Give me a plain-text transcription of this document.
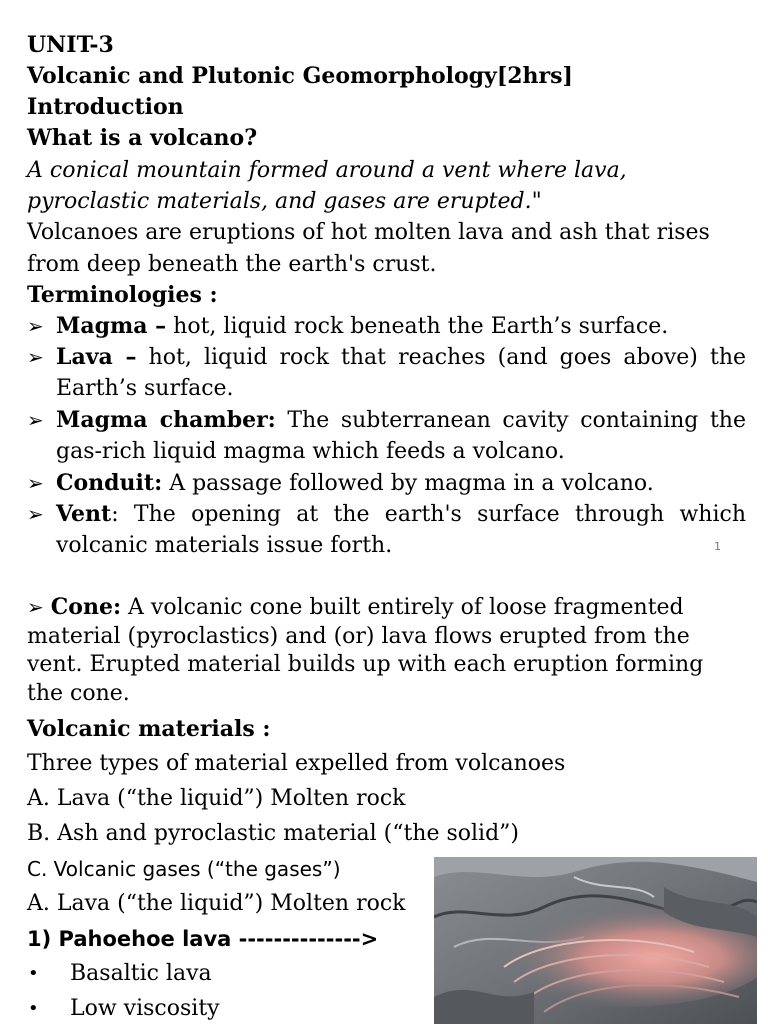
UNIT-3
Volcanic and Plutonic Geomorphology[2hrs]
Introduction
What is a volcano?
A conical mountain formed around a vent where lava,
pyroclastic materials, and gases are erupted."
Volcanoes are eruptions of hot molten lava and ash that rises
from deep beneath the earth's crust.
Terminologies :
➢ Magma – hot, liquid rock beneath the Earth’s surface.
➢ Lava – hot, liquid rock that reaches (and goes above) the
Earth’s surface.
➢ Magma chamber: The subterranean cavity containing the
gas-rich liquid magma which feeds a volcano.
➢ Conduit: A passage followed by magma in a volcano.
➢ Vent: The opening at the earth's surface through which
volcanic materials issue forth.	1
➢ Cone: A volcanic cone built entirely of loose fragmented material (pyroclastics) and (or) lava flows erupted from the vent. Erupted material builds up with each eruption forming the cone.
Volcanic materials :
Three types of material expelled from volcanoes
A. Lava (“the liquid”) Molten rock
B. Ash and pyroclastic material (“the solid”)
C. Volcanic gases (“the gases”)
A. Lava (“the liquid”) Molten rock
1) Pahoehoe lava -------------->
• Basaltic lava
• Low viscosity
